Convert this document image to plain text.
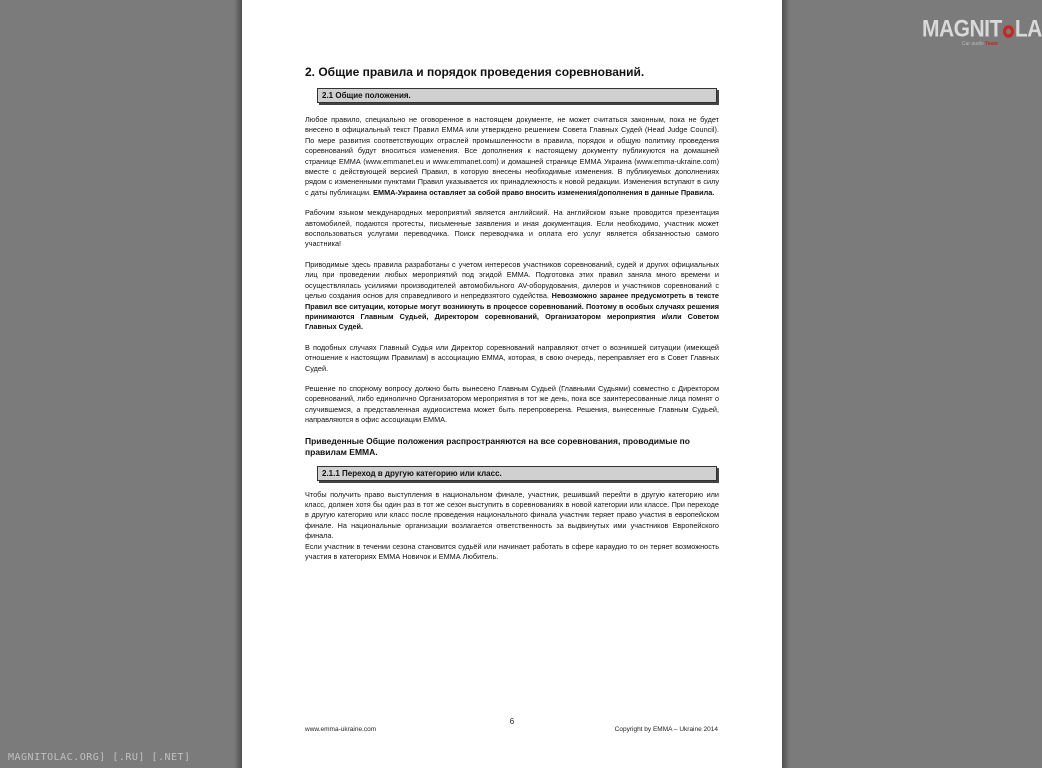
2. Общие правила и порядок проведения соревнований.
2.1 Общие положения.

Любое правило, специально не оговоренное в настоящем документе, не может считаться законным, пока не будет внесено в официальный текст Правил ЕММА или утверждено решением Совета Главных Судей (Head Judge Council). По мере развития соответствующих отраслей промышленности в правила, порядок и общую политику проведения соревнований будут вноситься изменения. Все дополнения к настоящему документу публикуются на домашней странице ЕММА (www.emmanet.eu и www.emmanet.com) и домашней странице ЕММА Украина (www.emma-ukraine.com) вместе с действующей версией Правил, в которую внесены необходимые изменения. В публикуемых дополнениях рядом с измененными пунктами Правил указывается их принадлежность к новой редакции. Изменения вступают в силу с даты публикации. ЕММА-Украина оставляет за собой право вносить изменения/дополнения в данные Правила.

Рабочим языком международных мероприятий является английский. На английском языке проводится презентация автомобилей, подаются протесты, письменные заявления и иная документация. Если необходимо, участник может воспользоваться услугами переводчика. Поиск переводчика и оплата его услуг является обязанностью самого участника!

Приводимые здесь правила разработаны с учетом интересов участников соревнований, судей и других официальных лиц при проведении любых мероприятий под эгидой ЕММА. Подготовка этих правил заняла много времени и осуществлялась усилиями производителей автомобильного AV-оборудования, дилеров и участников соревнований с целью создания основ для справедливого и непредвзятого судейства. Невозможно заранее предусмотреть в тексте Правил все ситуации, которые могут возникнуть в процессе соревнований. Поэтому в особых случаях решения принимаются Главным Судьей, Директором соревнований, Организатором мероприятия и/или Советом Главных Судей.

В подобных случаях Главный Судья или Директор соревнований направляют отчет о возникшей ситуации (имеющей отношение к настоящим Правилам) в ассоциацию ЕММА, которая, в свою очередь, переправляет его в Совет Главных Судей.

Решение по спорному вопросу должно быть вынесено Главным Судьей (Главными Судьями) совместно с Директором соревнований, либо единолично Организатором мероприятия в тот же день, пока все заинтересованные лица помнят о случившемся, а представленная аудиосистема может быть перепроверена. Решения, вынесенные Главным Судьей, направляются в офис ассоциации ЕММА.

Приведенные Общие положения распространяются на все соревнования, проводимые по правилам ЕММА.

2.1.1 Переход в другую категорию или класс.

Чтобы получить право выступления в национальном финале, участник, решивший перейти в другую категорию или класс, должен хотя бы один раз в тот же сезон выступить в соревнованиях в новой категории или классе. При переходе в другую категорию или класс после проведения национального финала участник теряет право участия в европейском финале. На национальные организации возлагается ответственность за выдвинутых ими участников Европейского финала.

Если участник в течении сезона становится судьёй или начинает работать в сфере караудио то он теряет возможность участия в категориях ЕММА Новичок и ЕММА Любитель.

6
www.emma-ukraine.com	Copyright by EMMA – Ukraine 2014
MAGNIT LA
Car audio Team
MAGNITOLAC.ORG] [.RU] [.NET]
